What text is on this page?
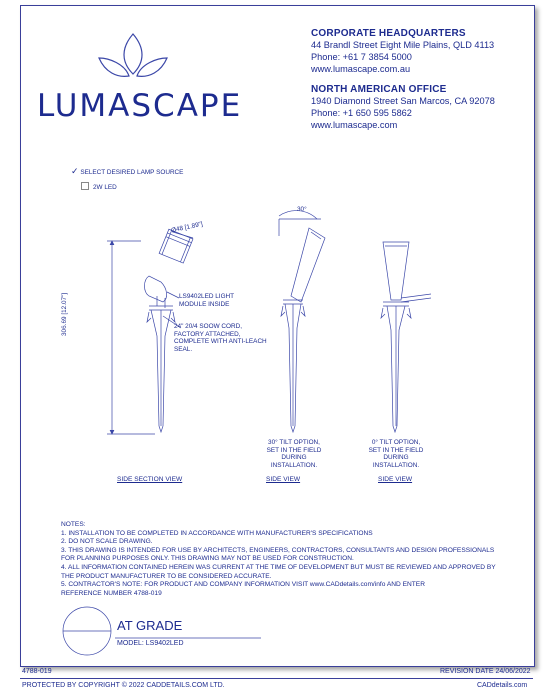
LUMASCAPE
CORPORATE HEADQUARTERS
44 Brandl Street Eight Mile Plains, QLD 4113
Phone: +61 7 3854 5000
www.lumascape.com.au
NORTH AMERICAN OFFICE
1940 Diamond Street San Marcos, CA 92078
Phone: +1 650 595 5862
www.lumascape.com
✓ SELECT DESIRED LAMP SOURCE
2W LED
Ø48 [1.89"]
306.69 [12.07"]
30°
LS9402LED LIGHT
MODULE INSIDE
24" 20/4 SOOW CORD,
FACTORY ATTACHED,
COMPLETE WITH ANTI-LEACH
SEAL.
30° TILT OPTION,
SET IN THE FIELD
DURING INSTALLATION.
0° TILT OPTION,
SET IN THE FIELD
DURING INSTALLATION.
SIDE SECTION VIEW	SIDE VIEW	SIDE VIEW
NOTES:
1. INSTALLATION TO BE COMPLETED IN ACCORDANCE WITH MANUFACTURER'S SPECIFICATIONS
2. DO NOT SCALE DRAWING.
3. THIS DRAWING IS INTENDED FOR USE BY ARCHITECTS, ENGINEERS, CONTRACTORS, CONSULTANTS AND DESIGN PROFESSIONALS
FOR PLANNING PURPOSES ONLY. THIS DRAWING MAY NOT BE USED FOR CONSTRUCTION.
4. ALL INFORMATION CONTAINED HEREIN WAS CURRENT AT THE TIME OF DEVELOPMENT BUT MUST BE REVIEWED AND APPROVED BY
THE PRODUCT MANUFACTURER TO BE CONSIDERED ACCURATE.
5. CONTRACTOR'S NOTE: FOR PRODUCT AND COMPANY INFORMATION VISIT www.CADdetails.com/info AND ENTER
REFERENCE NUMBER 4788-019
AT GRADE
MODEL: LS9402LED
4788-019	REVISION DATE 24/06/2022
PROTECTED BY COPYRIGHT © 2022 CADDETAILS.COM LTD.	CADdetails.com
